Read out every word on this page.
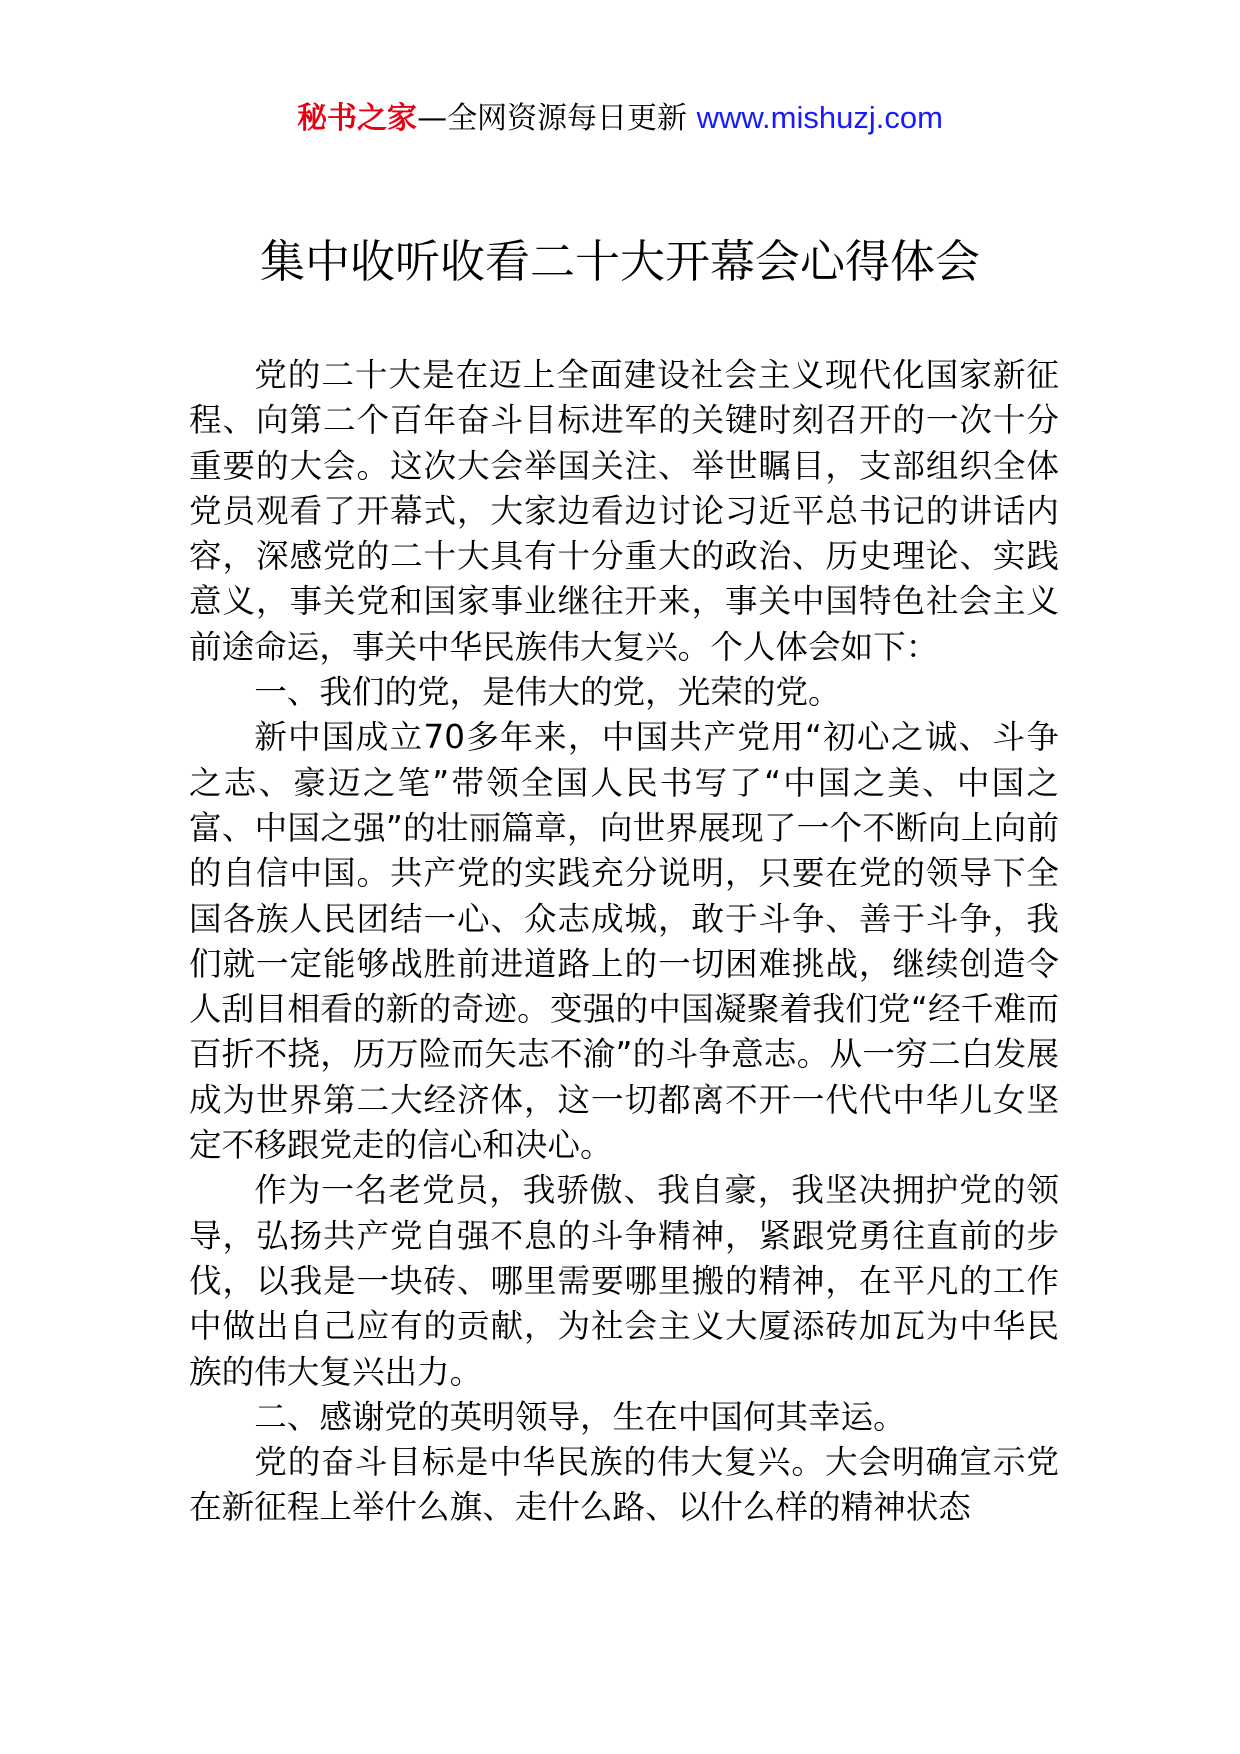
秘书之家—全网资源每日更新 www.mishuzj.com
集中收听收看二十大开幕会心得体会

党的二十大是在迈上全面建设社会主义现代化国家新征程、向第二个百年奋斗目标进军的关键时刻召开的一次十分重要的大会。这次大会举国关注、举世瞩目，支部组织全体党员观看了开幕式，大家边看边讨论习近平总书记的讲话内容，深感党的二十大具有十分重大的政治、历史理论、实践意义，事关党和国家事业继往开来，事关中国特色社会主义前途命运，事关中华民族伟大复兴。个人体会如下：

一、我们的党，是伟大的党，光荣的党。

新中国成立70多年来，中国共产党用“初心之诚、斗争之志、豪迈之笔”带领全国人民书写了“中国之美、中国之富、中国之强”的壮丽篇章，向世界展现了一个不断向上向前的自信中国。共产党的实践充分说明，只要在党的领导下全国各族人民团结一心、众志成城，敢于斗争、善于斗争，我们就一定能够战胜前进道路上的一切困难挑战，继续创造令人刮目相看的新的奇迹。变强的中国凝聚着我们党“经千难而百折不挠，历万险而矢志不渝”的斗争意志。从一穷二白发展成为世界第二大经济体，这一切都离不开一代代中华儿女坚定不移跟党走的信心和决心。

作为一名老党员，我骄傲、我自豪，我坚决拥护党的领导，弘扬共产党自强不息的斗争精神，紧跟党勇往直前的步伐，以我是一块砖、哪里需要哪里搬的精神，在平凡的工作中做出自己应有的贡献，为社会主义大厦添砖加瓦为中华民族的伟大复兴出力。

二、感谢党的英明领导，生在中国何其幸运。

党的奋斗目标是中华民族的伟大复兴。大会明确宣示党在新征程上举什么旗、走什么路、以什么样的精神状态
